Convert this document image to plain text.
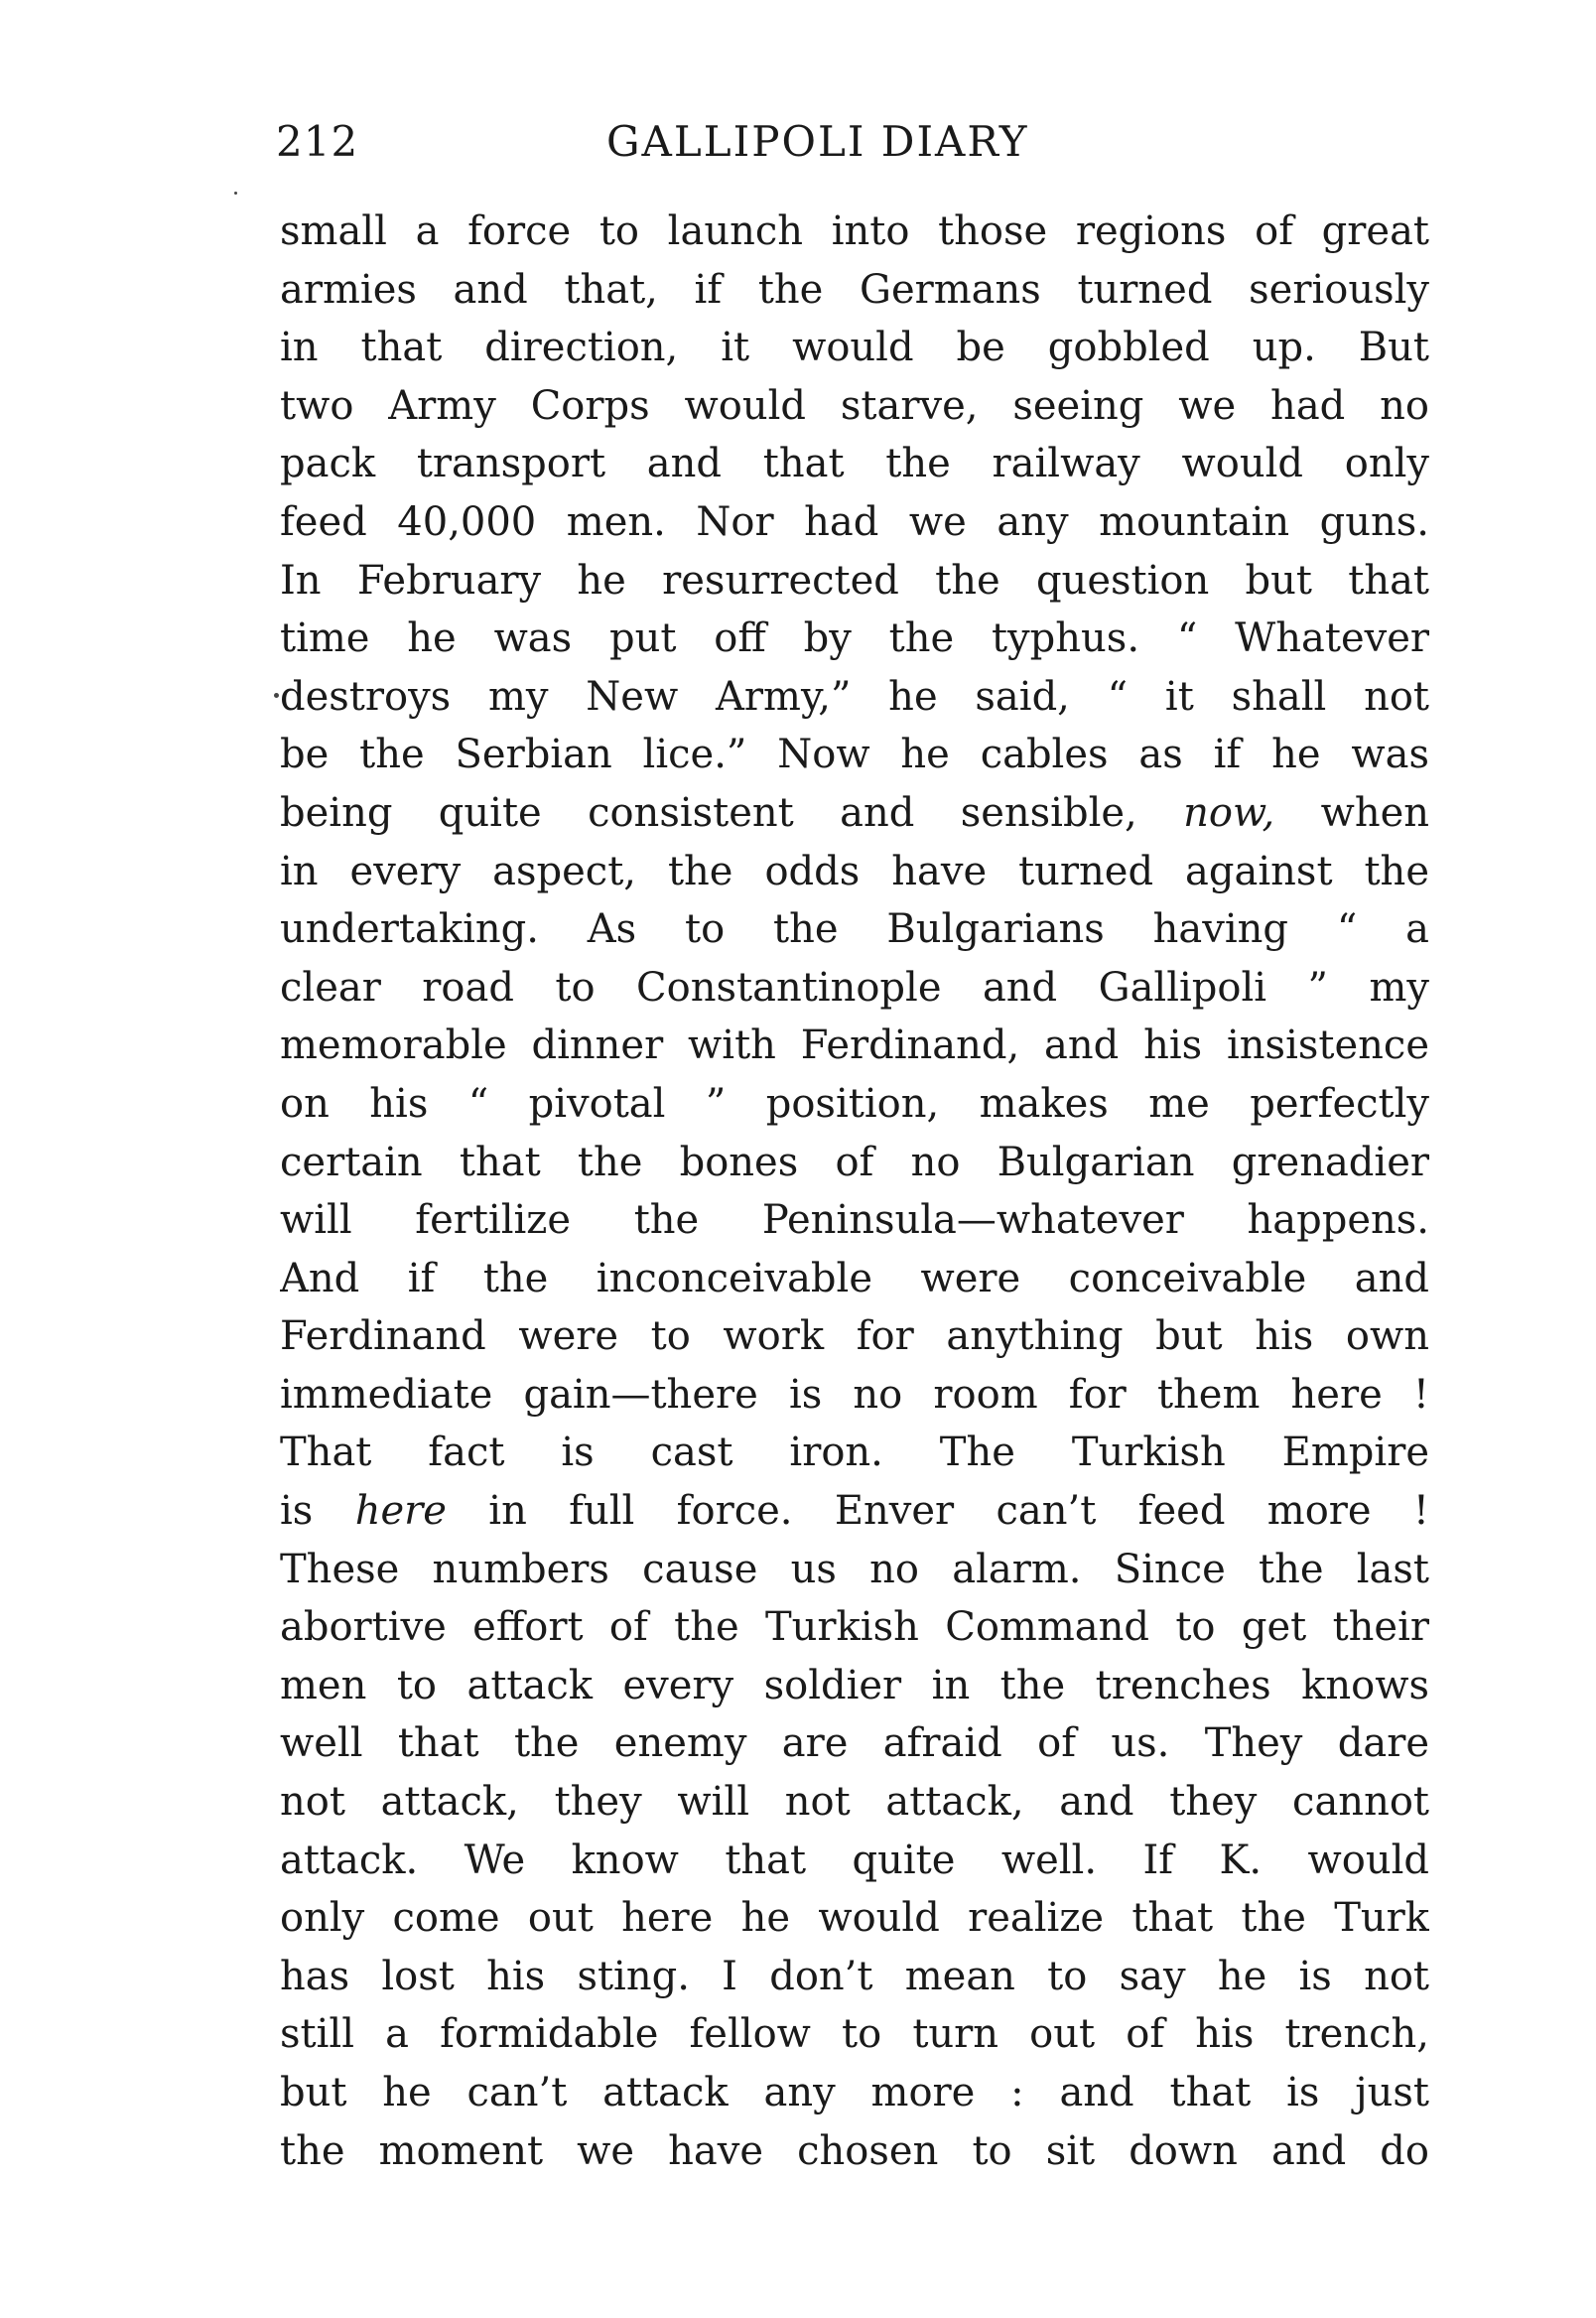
212	GALLIPOLI DIARY
small a force to launch into those regions of great
armies and that, if the Germans turned seriously
in that direction, it would be gobbled up. But
two Army Corps would starve, seeing we had no
pack transport and that the railway would only
feed 40,000 men. Nor had we any mountain guns.
In February he resurrected the question but that
time he was put off by the typhus. “ Whatever
destroys my New Army,” he said, “ it shall not
be the Serbian lice.” Now he cables as if he was
being quite consistent and sensible, now, when
in every aspect, the odds have turned against the
undertaking. As to the Bulgarians having “ a
clear road to Constantinople and Gallipoli ” my
memorable dinner with Ferdinand, and his insistence
on his “ pivotal ” position, makes me perfectly
certain that the bones of no Bulgarian grenadier
will fertilize the Peninsula—whatever happens.
And if the inconceivable were conceivable and
Ferdinand were to work for anything but his own
immediate gain—there is no room for them here !
That fact is cast iron. The Turkish Empire
is here in full force. Enver can’t feed more !
These numbers cause us no alarm. Since the last
abortive effort of the Turkish Command to get their
men to attack every soldier in the trenches knows
well that the enemy are afraid of us. They dare
not attack, they will not attack, and they cannot
attack. We know that quite well. If K. would
only come out here he would realize that the Turk
has lost his sting. I don’t mean to say he is not
still a formidable fellow to turn out of his trench,
but he can’t attack any more : and that is just
the moment we have chosen to sit down and do
